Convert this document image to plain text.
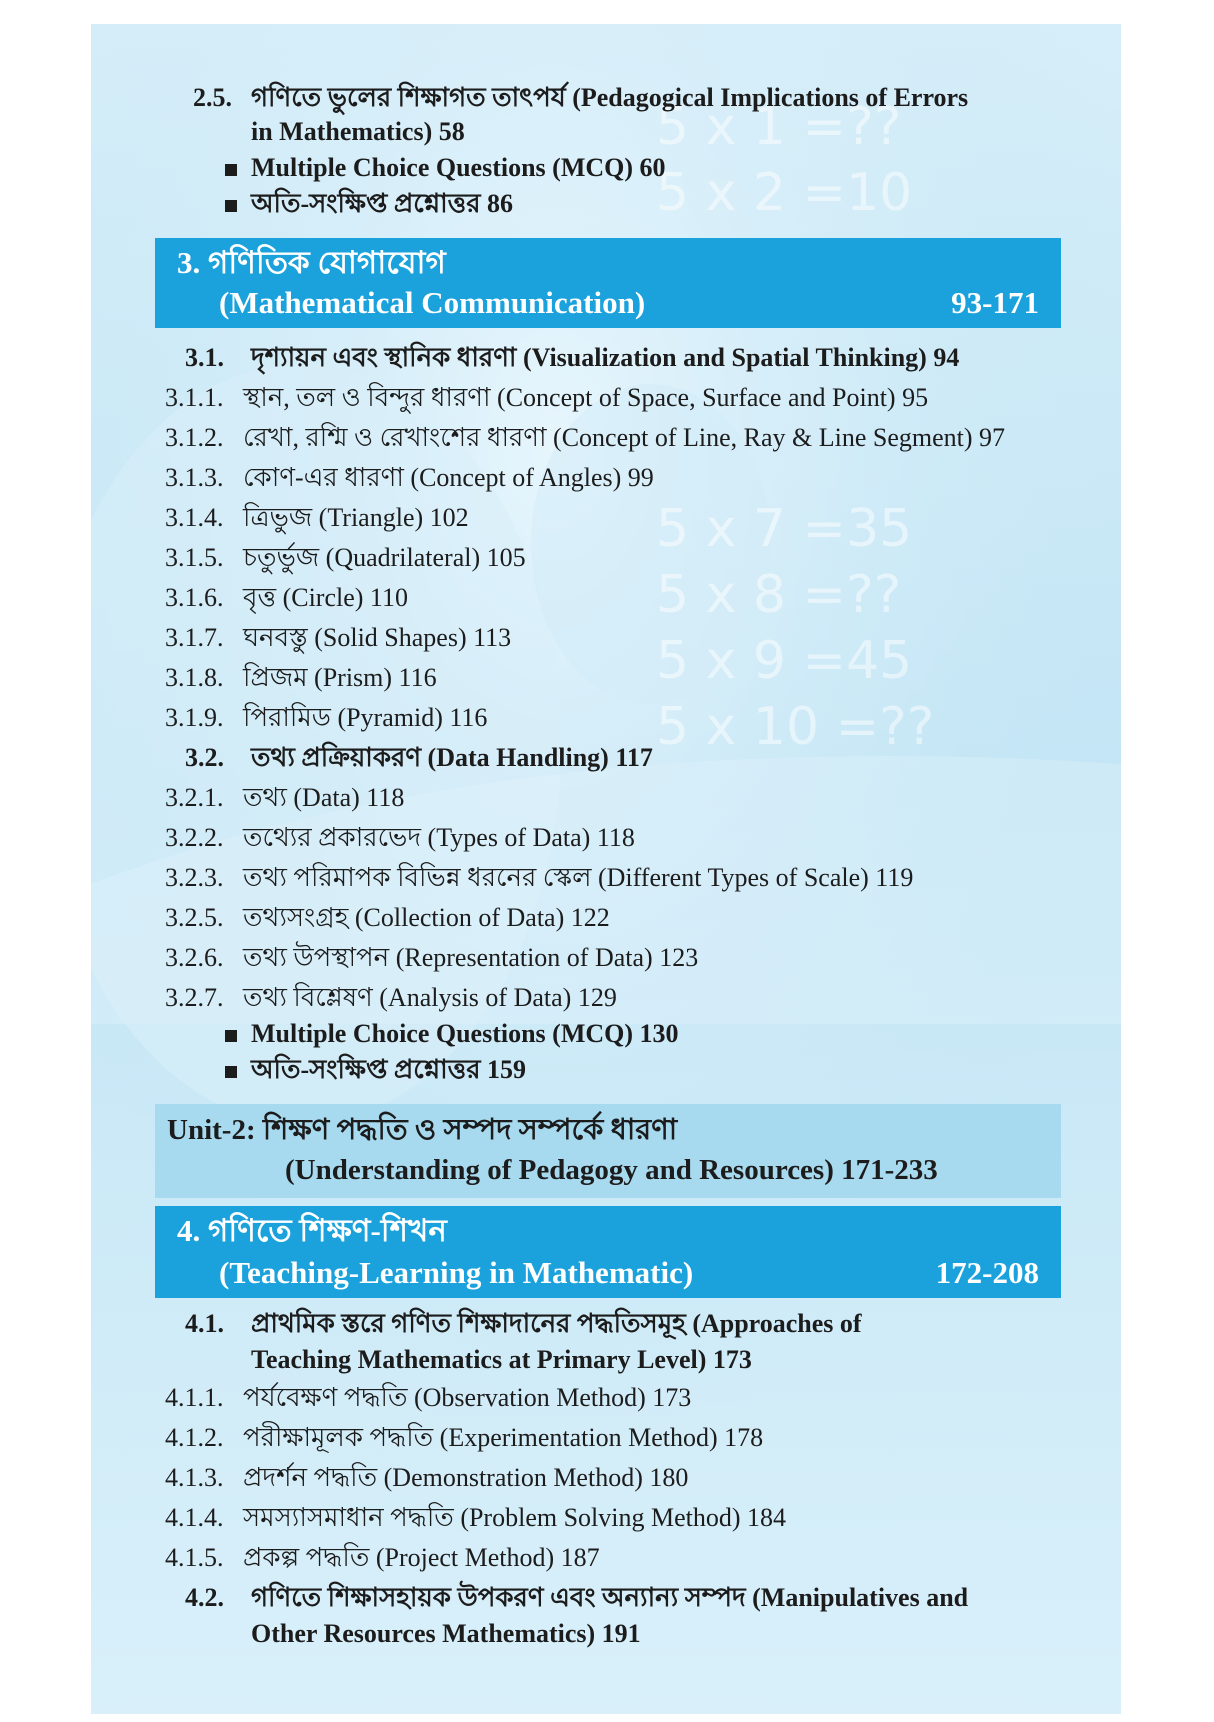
5 x 1 =??
5 x 2 =10
5 x 7 =35
5 x 8 =??
5 x 9 =45
5 x 10 =??
2.5. গণিতে ভুলের শিক্ষাগত তাৎপর্য (Pedagogical Implications of Errors
in Mathematics) 58
Multiple Choice Questions (MCQ) 60
অতি-সংক্ষিপ্ত প্রশ্নোত্তর 86
3. গণিতিক যোগাযোগ
(Mathematical Communication)	93-171
3.1. দৃশ্যায়ন এবং স্থানিক ধারণা (Visualization and Spatial Thinking) 94
3.1.1. স্থান, তল ও বিন্দুর ধারণা (Concept of Space, Surface and Point) 95
3.1.2. রেখা, রশ্মি ও রেখাংশের ধারণা (Concept of Line, Ray & Line Segment) 97
3.1.3. কোণ-এর ধারণা (Concept of Angles) 99
3.1.4. ত্রিভুজ (Triangle) 102
3.1.5. চতুর্ভুজ (Quadrilateral) 105
3.1.6. বৃত্ত (Circle) 110
3.1.7. ঘনবস্তু (Solid Shapes) 113
3.1.8. প্রিজম (Prism) 116
3.1.9. পিরামিড (Pyramid) 116
3.2. তথ্য প্রক্রিয়াকরণ (Data Handling) 117
3.2.1. তথ্য (Data) 118
3.2.2. তথ্যের প্রকারভেদ (Types of Data) 118
3.2.3. তথ্য পরিমাপক বিভিন্ন ধরনের স্কেল (Different Types of Scale) 119
3.2.5. তথ্যসংগ্রহ (Collection of Data) 122
3.2.6. তথ্য উপস্থাপন (Representation of Data) 123
3.2.7. তথ্য বিশ্লেষণ (Analysis of Data) 129
Multiple Choice Questions (MCQ) 130
অতি-সংক্ষিপ্ত প্রশ্নোত্তর 159
Unit-2: শিক্ষণ পদ্ধতি ও সম্পদ সম্পর্কে ধারণা
(Understanding of Pedagogy and Resources) 171-233
4. গণিতে শিক্ষণ-শিখন
(Teaching-Learning in Mathematic)	172-208
4.1. প্রাথমিক স্তরে গণিত শিক্ষাদানের পদ্ধতিসমূহ (Approaches of
Teaching Mathematics at Primary Level) 173
4.1.1. পর্যবেক্ষণ পদ্ধতি (Observation Method) 173
4.1.2. পরীক্ষামূলক পদ্ধতি (Experimentation Method) 178
4.1.3. প্রদর্শন পদ্ধতি (Demonstration Method) 180
4.1.4. সমস্যাসমাধান পদ্ধতি (Problem Solving Method) 184
4.1.5. প্রকল্প পদ্ধতি (Project Method) 187
4.2. গণিতে শিক্ষাসহায়ক উপকরণ এবং অন্যান্য সম্পদ (Manipulatives and
Other Resources Mathematics) 191
